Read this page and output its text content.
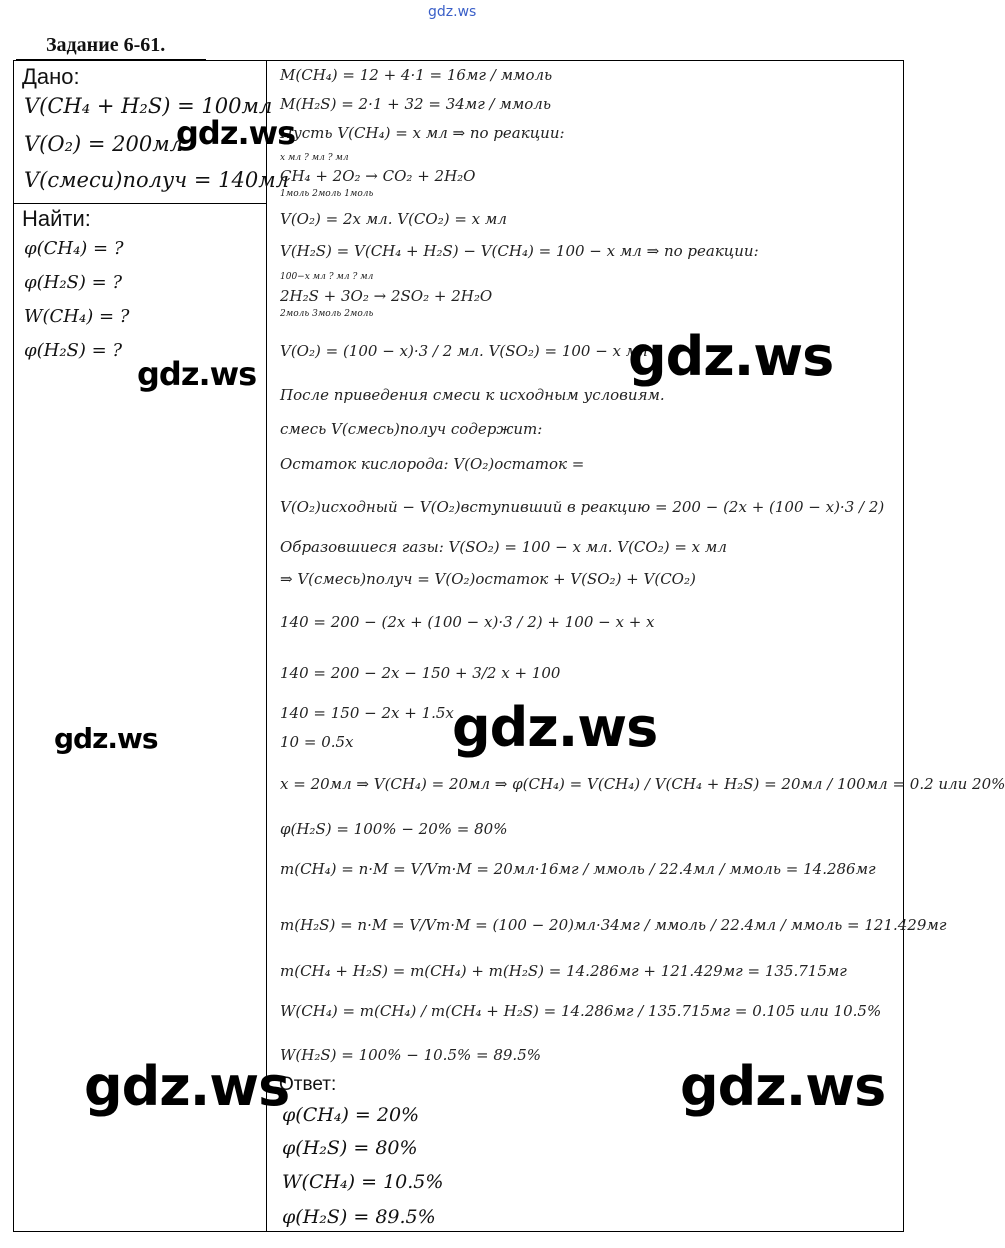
gdz.ws
Задание 6-61.
Дано:
V(CH₄ + H₂S) = 100мл
V(O₂) = 200мл
V(смеси)получ = 140мл
Найти:
φ(CH₄) = ?
φ(H₂S) = ?
W(CH₄) = ?
φ(H₂S) = ?
M(CH₄) = 12 + 4·1 = 16мг / ммоль
M(H₂S) = 2·1 + 32 = 34мг / ммоль
Пусть V(CH₄) = x мл ⇒ по реакции:
x мл ? мл ? мл
CH₄ + 2O₂ → CO₂ + 2H₂O
1моль 2моль 1моль
V(O₂) = 2x мл. V(CO₂) = x мл
V(H₂S) = V(CH₄ + H₂S) − V(CH₄) = 100 − x мл ⇒ по реакции:
100−x мл ? мл ? мл
2H₂S + 3O₂ → 2SO₂ + 2H₂O
2моль 3моль 2моль
V(O₂) = (100 − x)·3 / 2 мл. V(SO₂) = 100 − x мл
После приведения смеси к исходным условиям.
смесь V(смесь)получ содержит:
Остаток кислорода: V(O₂)остаток =
V(O₂)исходный − V(O₂)вступивший в реакцию = 200 − (2x + (100 − x)·3 / 2)
Образовшиеся газы: V(SO₂) = 100 − x мл. V(CO₂) = x мл
⇒ V(смесь)получ = V(O₂)остаток + V(SO₂) + V(CO₂)
140 = 200 − (2x + (100 − x)·3 / 2) + 100 − x + x
140 = 200 − 2x − 150 + 3/2 x + 100
140 = 150 − 2x + 1.5x
10 = 0.5x
x = 20мл ⇒ V(CH₄) = 20мл ⇒ φ(CH₄) = V(CH₄) / V(CH₄ + H₂S) = 20мл / 100мл = 0.2 или 20%
φ(H₂S) = 100% − 20% = 80%
m(CH₄) = n·M = V/Vm·M = 20мл·16мг / ммоль / 22.4мл / ммоль = 14.286мг
m(H₂S) = n·M = V/Vm·M = (100 − 20)мл·34мг / ммоль / 22.4мл / ммоль = 121.429мг
m(CH₄ + H₂S) = m(CH₄) + m(H₂S) = 14.286мг + 121.429мг = 135.715мг
W(CH₄) = m(CH₄) / m(CH₄ + H₂S) = 14.286мг / 135.715мг = 0.105 или 10.5%
W(H₂S) = 100% − 10.5% = 89.5%
Ответ:
φ(CH₄) = 20%
φ(H₂S) = 80%
W(CH₄) = 10.5%
φ(H₂S) = 89.5%
gdz.ws
gdz.ws	gdz.ws
gdz.ws	gdz.ws
gdz.ws	gdz.ws
